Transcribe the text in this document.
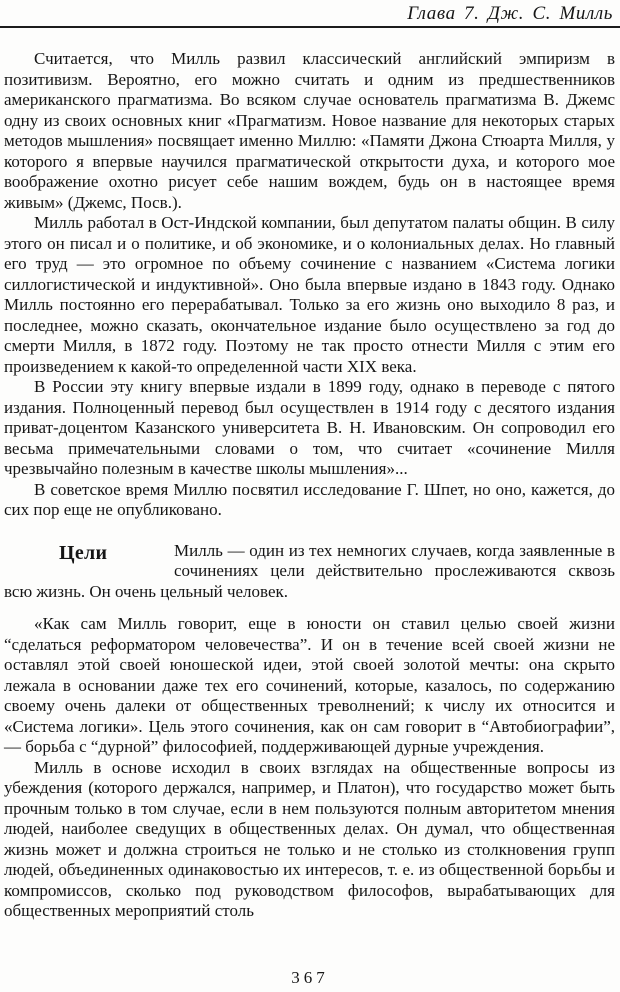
Глава 7. Дж. С. Милль

Считается, что Милль развил классический английский эмпиризм в позитивизм. Вероятно, его можно считать и одним из предшественников американского прагматизма. Во всяком случае основатель прагматизма В. Джемс одну из своих основных книг «Прагматизм. Новое название для некоторых старых методов мышления» посвящает именно Миллю: «Памяти Джона Стюарта Милля, у которого я впервые научился прагматической открытости духа, и которого мое воображение охотно рисует себе нашим вождем, будь он в настоящее время живым» (Джемс, Посв.).

Милль работал в Ост-Индской компании, был депутатом палаты общин. В силу этого он писал и о политике, и об экономике, и о колониальных делах. Но главный его труд — это огромное по объему сочинение с названием «Система логики силлогистической и индуктивной». Оно была впервые издано в 1843 году. Однако Милль постоянно его перерабатывал. Только за его жизнь оно выходило 8 раз, и последнее, можно сказать, окончательное издание было осуществлено за год до смерти Милля, в 1872 году. Поэтому не так просто отнести Милля с этим его произведением к какой-то определенной части XIX века.

В России эту книгу впервые издали в 1899 году, однако в переводе с пятого издания. Полноценный перевод был осуществлен в 1914 году с десятого издания приват-доцентом Казанского университета В. Н. Ивановским. Он сопроводил его весьма примечательными словами о том, что считает «сочинение Милля чрезвычайно полезным в качестве школы мышления»...

В советское время Миллю посвятил исследование Г. Шпет, но оно, кажется, до сих пор еще не опубликовано.

Цели	Милль — один из тех немногих случаев, когда заявленные в сочинениях цели действительно прослеживаются сквозь всю жизнь. Он очень цельный человек.

«Как сам Милль говорит, еще в юности он ставил целью своей жизни “сделаться реформатором человечества”. И он в течение всей своей жизни не оставлял этой своей юношеской идеи, этой своей золотой мечты: она скрыто лежала в основании даже тех его сочинений, которые, казалось, по содержанию своему очень далеки от общественных треволнений; к числу их относится и «Система логики». Цель этого сочинения, как он сам говорит в “Автобиографии”, — борьба с “дурной” философией, поддерживающей дурные учреждения.

Милль в основе исходил в своих взглядах на общественные вопросы из убеждения (которого держался, например, и Платон), что государство может быть прочным только в том случае, если в нем пользуются полным авторитетом мнения людей, наиболее сведущих в общественных делах. Он думал, что общественная жизнь может и должна строиться не только и не столько из столкновения групп людей, объединенных одинаковостью их интересов, т. е. из общественной борьбы и компромиссов, сколько под руководством философов, вырабатывающих для общественных мероприятий столь

367
